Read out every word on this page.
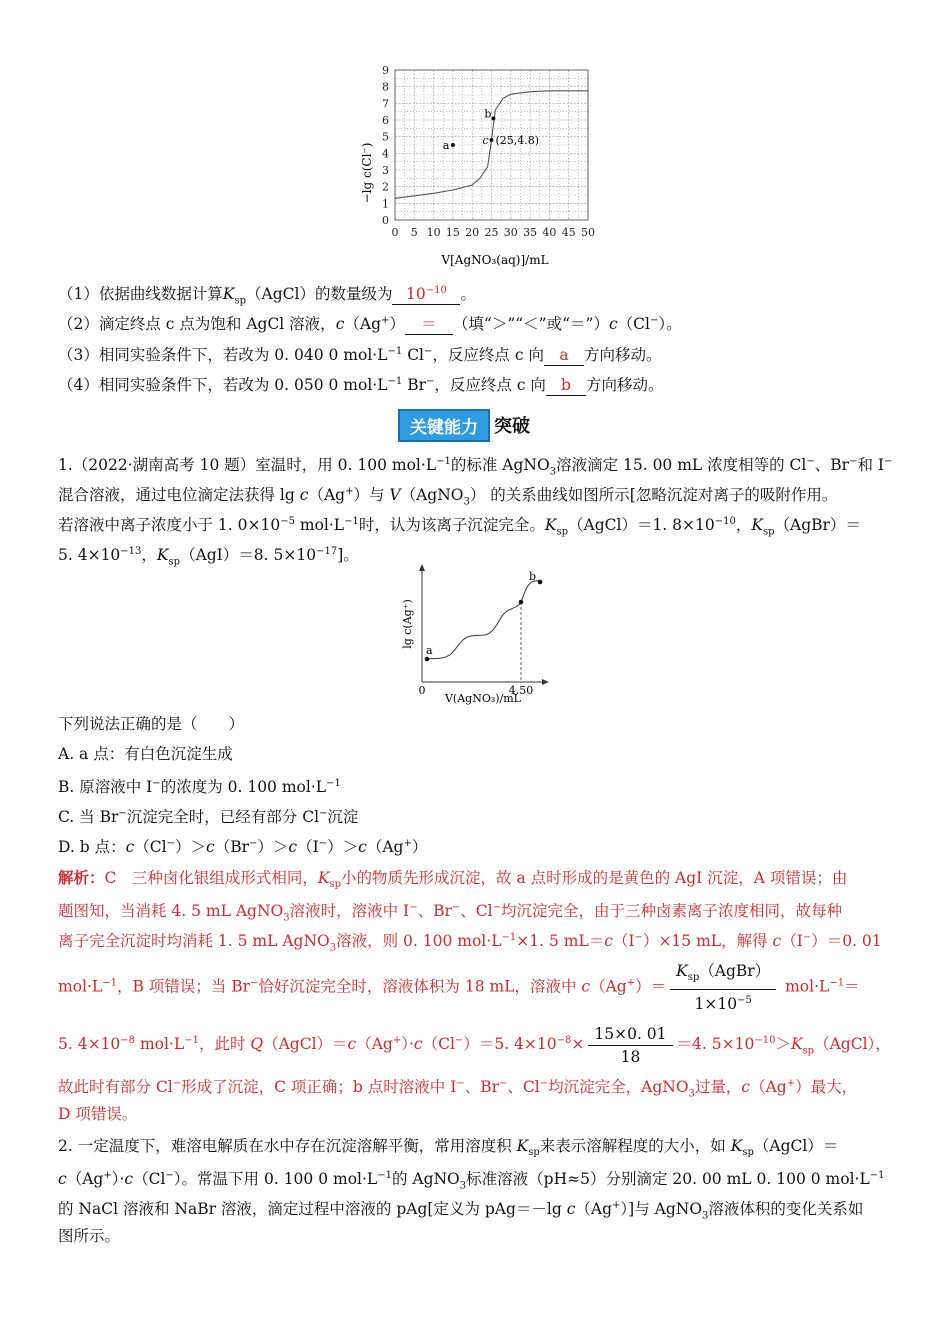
−lg c(Cl⁻)
V[AgNO₃(aq)]/mL
0
1
2
3
4
5
6
7
8
9
0 5 10 15 20 25 30 35 40 45 50
a
b
c (25,4.8)
（1）依据曲线数据计算$K_{sp}(AgCl)$的数量级为 $10^{-10}$ 。
（2）滴定终点 c 点为饱和 AgCl 溶液，c（Ag+） ＝ （填“＞”“＜”或“＝”）c（Cl−）。
（3）相同实验条件下，若改为 0. 040 0 $mol\cdot L^{-1}$ Cl−，反应终点 c 向 a 方向移动。
（4）相同实验条件下，若改为 0. 050 0 $mol\cdot L^{-1}$ Br−，反应终点 c 向 b 方向移动。
关键能力 突破
1.（2022·湖南高考 10 题）室温时，用 0. 100 $mol\cdot L^{-1}$的标准 AgNO$_3$溶液滴定 15. 00 mL 浓度相等的 Cl−、Br−和 I−
混合溶液，通过电位滴定法获得 lg c（Ag+）与 V（AgNO$_3$） 的关系曲线如图所示[忽略沉淀对离子的吸附作用。
若溶液中离子浓度小于 1. $0\times 10^{-5}$ $mol\cdot L^{-1}$时，认为该离子沉淀完全。$K_{sp}(AgCl)=1$. $8\times 10^{-10}$，$K_{sp}(AgBr)=$
5. $4\times 10^{-13}$，$K_{sp}(AgI)=8$. $5\times 10^{-17}$]。
lg c(Ag⁺)
0	4.50
V(AgNO₃)/mL
a
b
下列说法正确的是（　　）
A. a 点：有白色沉淀生成
B. 原溶液中 I−的浓度为 0. 100 $mol\cdot L^{-1}$
C. 当 Br−沉淀完全时，已经有部分 Cl−沉淀
D. b 点：c（Cl−）＞c（Br−）＞c（I−）＞c（Ag+）
解析：C　三种卤化银组成形式相同，$K_{sp}$小的物质先形成沉淀，故 a 点时形成的是黄色的 AgI 沉淀，A 项错误；由
题图知，当消耗 4. 5 mL AgNO$_3$溶液时，溶液中 I−、Br−、Cl−均沉淀完全，由于三种卤素离子浓度相同，故每种
离子完全沉淀时均消耗 1. 5 mL AgNO$_3$溶液，则 0. 100 $mol\cdot L^{-1}\times 1$. 5 mL＝c（I−）×15 mL，解得 c（I−）＝0. 01
$mol\cdot L^{-1}$，B 项错误；当 Br−恰好沉淀完全时，溶液体积为 18 mL，溶液中 $c(Ag^+)= \frac{K_{sp}(AgBr)}{1\times 10^{-5}} mol\cdot L^{-1}=$
5. $4\times 10^{-8}$ $mol\cdot L^{-1}$，此时 Q（AgCl）＝c（Ag+）·c（Cl−）＝5. $4\times 10^{-8}\times \frac{15\times 0. 01}{18} =4$. $5\times 10^{-10}>K_{sp}(AgCl)$，
故此时有部分 Cl−形成了沉淀，C 项正确；b 点时溶液中 I−、Br−、Cl−均沉淀完全，AgNO$_3$过量，c（Ag+）最大，
D 项错误。
2. 一定温度下，难溶电解质在水中存在沉淀溶解平衡，常用溶度积 $K_{sp}$来表示溶解程度的大小，如 $K_{sp}(AgCl)=$
c（Ag+）·c（Cl−）。常温下用 0. 100 0 $mol\cdot L^{-1}$的 AgNO$_3$标准溶液（pH≈5）分别滴定 20. 00 mL 0. 100 0 $mol\cdot L^{-1}$
的 NaCl 溶液和 NaBr 溶液，滴定过程中溶液的 pAg[定义为 pAg＝－lg c（Ag+）]与 AgNO$_3$溶液体积的变化关系如
图所示。
